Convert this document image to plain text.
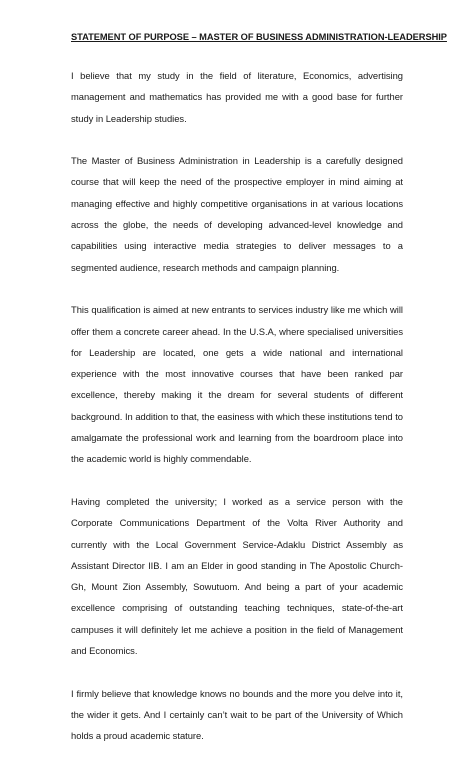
STATEMENT OF PURPOSE – MASTER OF BUSINESS ADMINISTRATION-LEADERSHIP

I believe that my study in the field of literature, Economics, advertising management and mathematics has provided me with a good base for further study in Leadership studies.

The Master of Business Administration in Leadership is a carefully designed course that will keep the need of the prospective employer in mind aiming at managing effective and highly competitive organisations in at various locations across the globe, the needs of developing advanced-level knowledge and capabilities using interactive media strategies to deliver messages to a segmented audience, research methods and campaign planning.

This qualification is aimed at new entrants to services industry like me which will offer them a concrete career ahead. In the U.S.A, where specialised universities for Leadership are located, one gets a wide national and international experience with the most innovative courses that have been ranked par excellence, thereby making it the dream for several students of different background. In addition to that, the easiness with which these institutions tend to amalgamate the professional work and learning from the boardroom place into the academic world is highly commendable.

Having completed the university; I worked as a service person with the Corporate Communications Department of the Volta River Authority and currently with the Local Government Service-Adaklu District Assembly as Assistant Director IIB. I am an Elder in good standing in The Apostolic Church-Gh, Mount Zion Assembly, Sowutuom. And being a part of your academic excellence comprising of outstanding teaching techniques, state-of-the-art campuses it will definitely let me achieve a position in the field of Management and Economics.

I firmly believe that knowledge knows no bounds and the more you delve into it, the wider it gets. And I certainly can’t wait to be part of the University of Which holds a proud academic stature.
